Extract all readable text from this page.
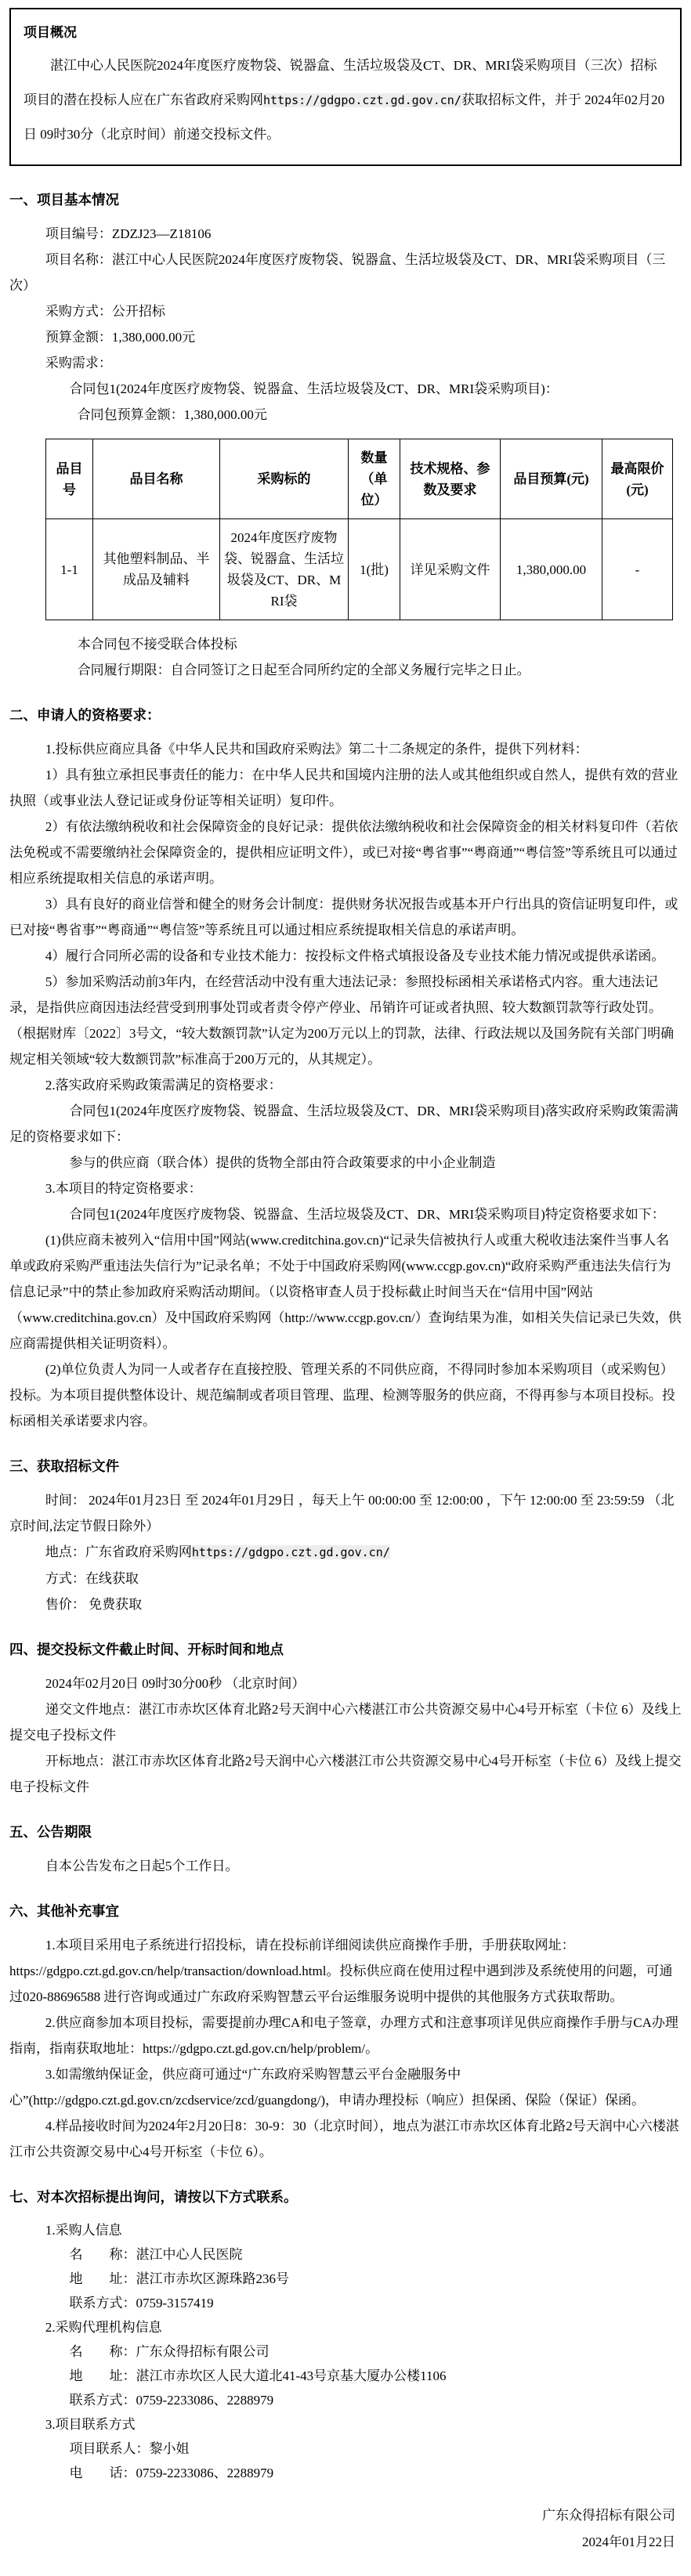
项目概况
湛江中心人民医院2024年度医疗废物袋、锐器盒、生活垃圾袋及CT、DR、MRI袋采购项目（三次）招标项目的潜在投标人应在广东省政府采购网https://gdgpo.czt.gd.gov.cn/获取招标文件，并于 2024年02月20日 09时30分（北京时间）前递交投标文件。
一、项目基本情况

项目编号：ZDZJ23—Z18106

项目名称：湛江中心人民医院2024年度医疗废物袋、锐器盒、生活垃圾袋及CT、DR、MRI袋采购项目（三次）

采购方式：公开招标

预算金额：1,380,000.00元

采购需求：

合同包1(2024年度医疗废物袋、锐器盒、生活垃圾袋及CT、DR、MRI袋采购项目)：

合同包预算金额：1,380,000.00元

品目号	品目名称	采购标的	数量（单位）	技术规格、参数及要求	品目预算(元)	最高限价(元)
1-1	其他塑料制品、半成品及辅料	2024年度医疗废物袋、锐器盒、生活垃圾袋及CT、DR、MRI袋	1(批)	详见采购文件	1,380,000.00	-

本合同包不接受联合体投标

合同履行期限：自合同签订之日起至合同所约定的全部义务履行完毕之日止。

二、申请人的资格要求：

1.投标供应商应具备《中华人民共和国政府采购法》第二十二条规定的条件，提供下列材料：

1）具有独立承担民事责任的能力：在中华人民共和国境内注册的法人或其他组织或自然人，提供有效的营业执照（或事业法人登记证或身份证等相关证明）复印件。

2）有依法缴纳税收和社会保障资金的良好记录：提供依法缴纳税收和社会保障资金的相关材料复印件（若依法免税或不需要缴纳社会保障资金的，提供相应证明文件），或已对接“粤省事”“粤商通”“粤信签”等系统且可以通过相应系统提取相关信息的承诺声明。

3）具有良好的商业信誉和健全的财务会计制度：提供财务状况报告或基本开户行出具的资信证明复印件，或已对接“粤省事”“粤商通”“粤信签”等系统且可以通过相应系统提取相关信息的承诺声明。

4）履行合同所必需的设备和专业技术能力：按投标文件格式填报设备及专业技术能力情况或提供承诺函。

5）参加采购活动前3年内，在经营活动中没有重大违法记录：参照投标函相关承诺格式内容。重大违法记录，是指供应商因违法经营受到刑事处罚或者责令停产停业、吊销许可证或者执照、较大数额罚款等行政处罚。（根据财库〔2022〕3号文，“较大数额罚款”认定为200万元以上的罚款，法律、行政法规以及国务院有关部门明确规定相关领域“较大数额罚款”标准高于200万元的，从其规定）。

2.落实政府采购政策需满足的资格要求：

合同包1(2024年度医疗废物袋、锐器盒、生活垃圾袋及CT、DR、MRI袋采购项目)落实政府采购政策需满足的资格要求如下：

参与的供应商（联合体）提供的货物全部由符合政策要求的中小企业制造

3.本项目的特定资格要求：

合同包1(2024年度医疗废物袋、锐器盒、生活垃圾袋及CT、DR、MRI袋采购项目)特定资格要求如下：

(1)供应商未被列入“信用中国”网站(www.creditchina.gov.cn)“记录失信被执行人或重大税收违法案件当事人名单或政府采购严重违法失信行为”记录名单；不处于中国政府采购网(www.ccgp.gov.cn)“政府采购严重违法失信行为信息记录”中的禁止参加政府采购活动期间。（以资格审查人员于投标截止时间当天在“信用中国”网站（www.creditchina.gov.cn）及中国政府采购网（http://www.ccgp.gov.cn/）查询结果为准，如相关失信记录已失效，供应商需提供相关证明资料）。

(2)单位负责人为同一人或者存在直接控股、管理关系的不同供应商，不得同时参加本采购项目（或采购包）投标。为本项目提供整体设计、规范编制或者项目管理、监理、检测等服务的供应商，不得再参与本项目投标。投标函相关承诺要求内容。

三、获取招标文件

时间： 2024年01月23日 至 2024年01月29日 ，每天上午 00:00:00 至 12:00:00 ，下午 12:00:00 至 23:59:59 （北京时间,法定节假日除外）

地点：广东省政府采购网https://gdgpo.czt.gd.gov.cn/

方式：在线获取

售价： 免费获取

四、提交投标文件截止时间、开标时间和地点

2024年02月20日 09时30分00秒 （北京时间）

递交文件地点：湛江市赤坎区体育北路2号天润中心六楼湛江市公共资源交易中心4号开标室（卡位 6）及线上提交电子投标文件

开标地点：湛江市赤坎区体育北路2号天润中心六楼湛江市公共资源交易中心4号开标室（卡位 6）及线上提交电子投标文件

五、公告期限

自本公告发布之日起5个工作日。

六、其他补充事宜

1.本项目采用电子系统进行招投标，请在投标前详细阅读供应商操作手册，手册获取网址：https://gdgpo.czt.gd.gov.cn/help/transaction/download.html。投标供应商在使用过程中遇到涉及系统使用的问题，可通过020-88696588 进行咨询或通过广东政府采购智慧云平台运维服务说明中提供的其他服务方式获取帮助。

2.供应商参加本项目投标，需要提前办理CA和电子签章，办理方式和注意事项详见供应商操作手册与CA办理指南，指南获取地址：https://gdgpo.czt.gd.gov.cn/help/problem/。

3.如需缴纳保证金，供应商可通过“广东政府采购智慧云平台金融服务中心”(http://gdgpo.czt.gd.gov.cn/zcdservice/zcd/guangdong/)，申请办理投标（响应）担保函、保险（保证）保函。

4.样品接收时间为2024年2月20日8：30-9：30（北京时间），地点为湛江市赤坎区体育北路2号天润中心六楼湛江市公共资源交易中心4号开标室（卡位 6）。

七、对本次招标提出询问，请按以下方式联系。

1.采购人信息

名　　称：湛江中心人民医院

地　　址：湛江市赤坎区源珠路236号

联系方式：0759-3157419

2.采购代理机构信息

名　　称：广东众得招标有限公司

地　　址：湛江市赤坎区人民大道北41-43号京基大厦办公楼1106

联系方式：0759-2233086、2288979

3.项目联系方式

项目联系人：黎小姐

电　　话：0759-2233086、2288979

广东众得招标有限公司

2024年01月22日
